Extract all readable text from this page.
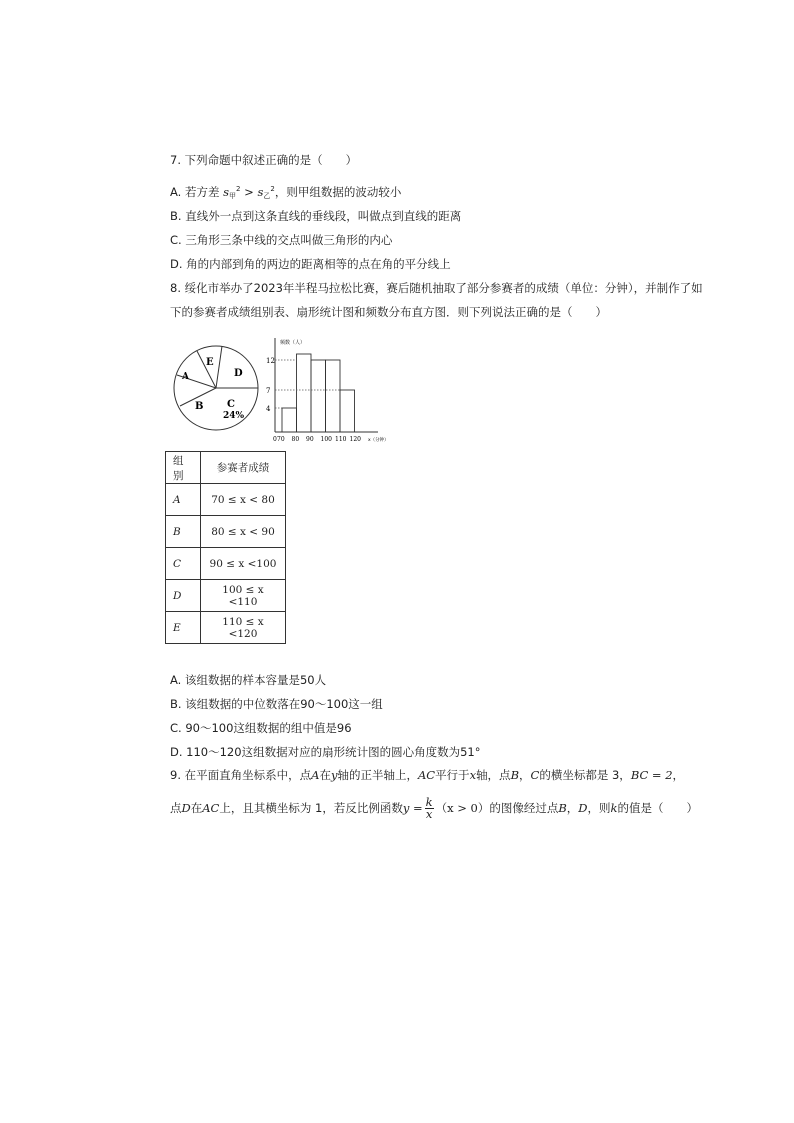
7. 下列命题中叙述正确的是（　　）
A. 若方差 $s_甲^2 > s_乙^2$，则甲组数据的波动较小
B. 直线外一点到这条直线的垂线段，叫做点到直线的距离
C. 三角形三条中线的交点叫做三角形的内心
D. 角的内部到角的两边的距离相等的点在角的平分线上
8. 绥化市举办了2023年半程马拉松比赛，赛后随机抽取了部分参赛者的成绩（单位：分钟），并制作了如
下的参赛者成绩组别表、扇形统计图和频数分布直方图．则下列说法正确的是（　　）
E
D
A
B C
24%
频数（人）
x（分钟）
4
7
12
0 70 80 90 100 110 120
组别	参赛者成绩
A	70 ≤ x < 80
B	80 ≤ x < 90
C	90 ≤ x <100
D	100 ≤ x <110
E	110 ≤ x <120
A. 该组数据的样本容量是50人
B. 该组数据的中位数落在90～100这一组
C. 90～100这组数据的组中值是96
D. 110～120这组数据对应的扇形统计图的圆心角度数为51°
9. 在平面直角坐标系中，点A在y轴的正半轴上，AC平行于x轴，点B，C的横坐标都是 3，BC = 2，
点D在AC上，且其横坐标为 1，若反比例函数$y = \frac{k}{x} (x > 0)$的图像经过点B，D，则k的值是（　　）
